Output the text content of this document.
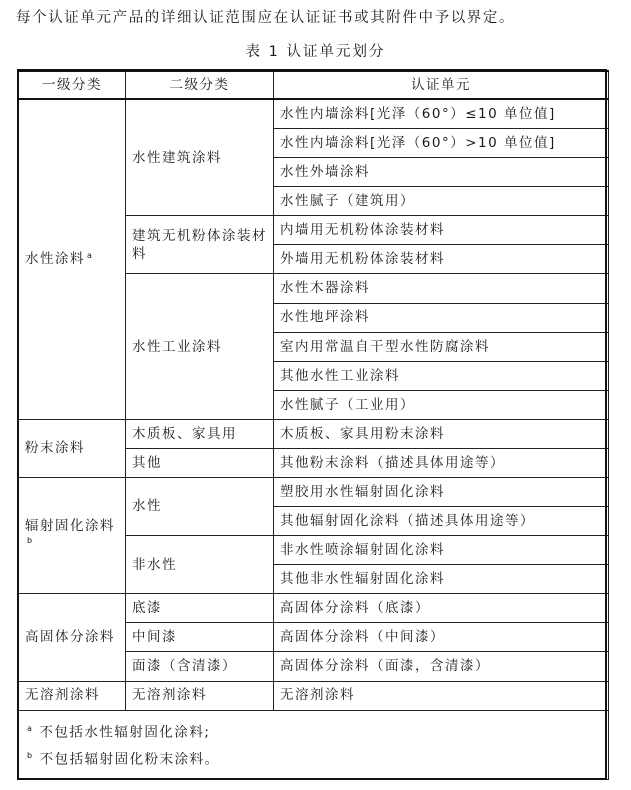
每个认证单元产品的详细认证范围应在认证证书或其附件中予以界定。
表 1 认证单元划分
一级分类	二级分类	认证单元
水性涂料 $^a$	水性建筑涂料	水性内墙涂料[光泽（60°）≤10 单位值]
		水性内墙涂料[光泽（60°）>10 单位值]
		水性外墙涂料
		水性腻子（建筑用）
	建筑无机粉体涂装材料	内墙用无机粉体涂装材料
		外墙用无机粉体涂装材料
	水性工业涂料	水性木器涂料
		水性地坪涂料
		室内用常温自干型水性防腐涂料
		其他水性工业涂料
		水性腻子（工业用）
粉末涂料	木质板、家具用	木质板、家具用粉末涂料
	其他	其他粉末涂料（描述具体用途等）
辐射固化涂料$^b$	水性	塑胶用水性辐射固化涂料
		其他辐射固化涂料（描述具体用途等）
	非水性	非水性喷涂辐射固化涂料
		其他非水性辐射固化涂料
高固体分涂料	底漆	高固体分涂料（底漆）
	中间漆	高固体分涂料（中间漆）
	面漆（含清漆）	高固体分涂料（面漆，含清漆）
无溶剂涂料	无溶剂涂料	无溶剂涂料

$^a$ 不包括水性辐射固化涂料;
$^b$ 不包括辐射固化粉末涂料。		
